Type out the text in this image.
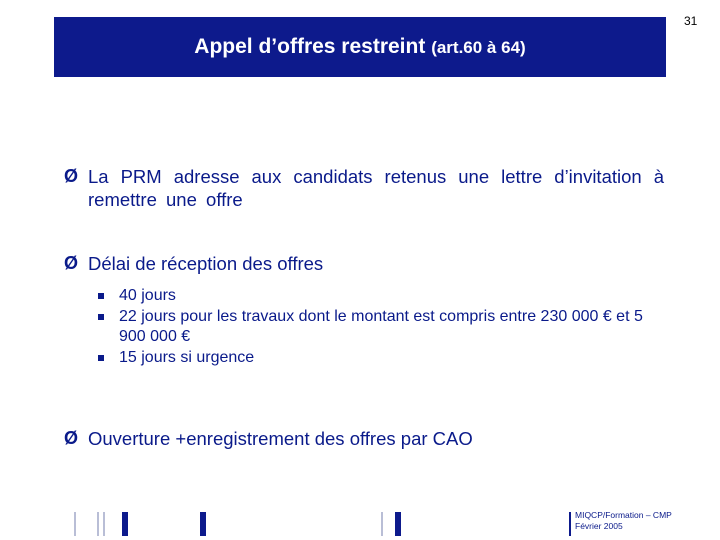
Appel d’offres restreint (art.60 à 64)
31
Ø La PRM adresse aux candidats retenus une lettre d’invitation à remettre une offre
Ø Délai de réception des offres
40 jours
22 jours pour les travaux dont le montant est compris entre 230 000 € et 5 900 000 €
15 jours si urgence
Ø Ouverture +enregistrement des offres par CAO
MIQCP/Formation – CMP
Février 2005
